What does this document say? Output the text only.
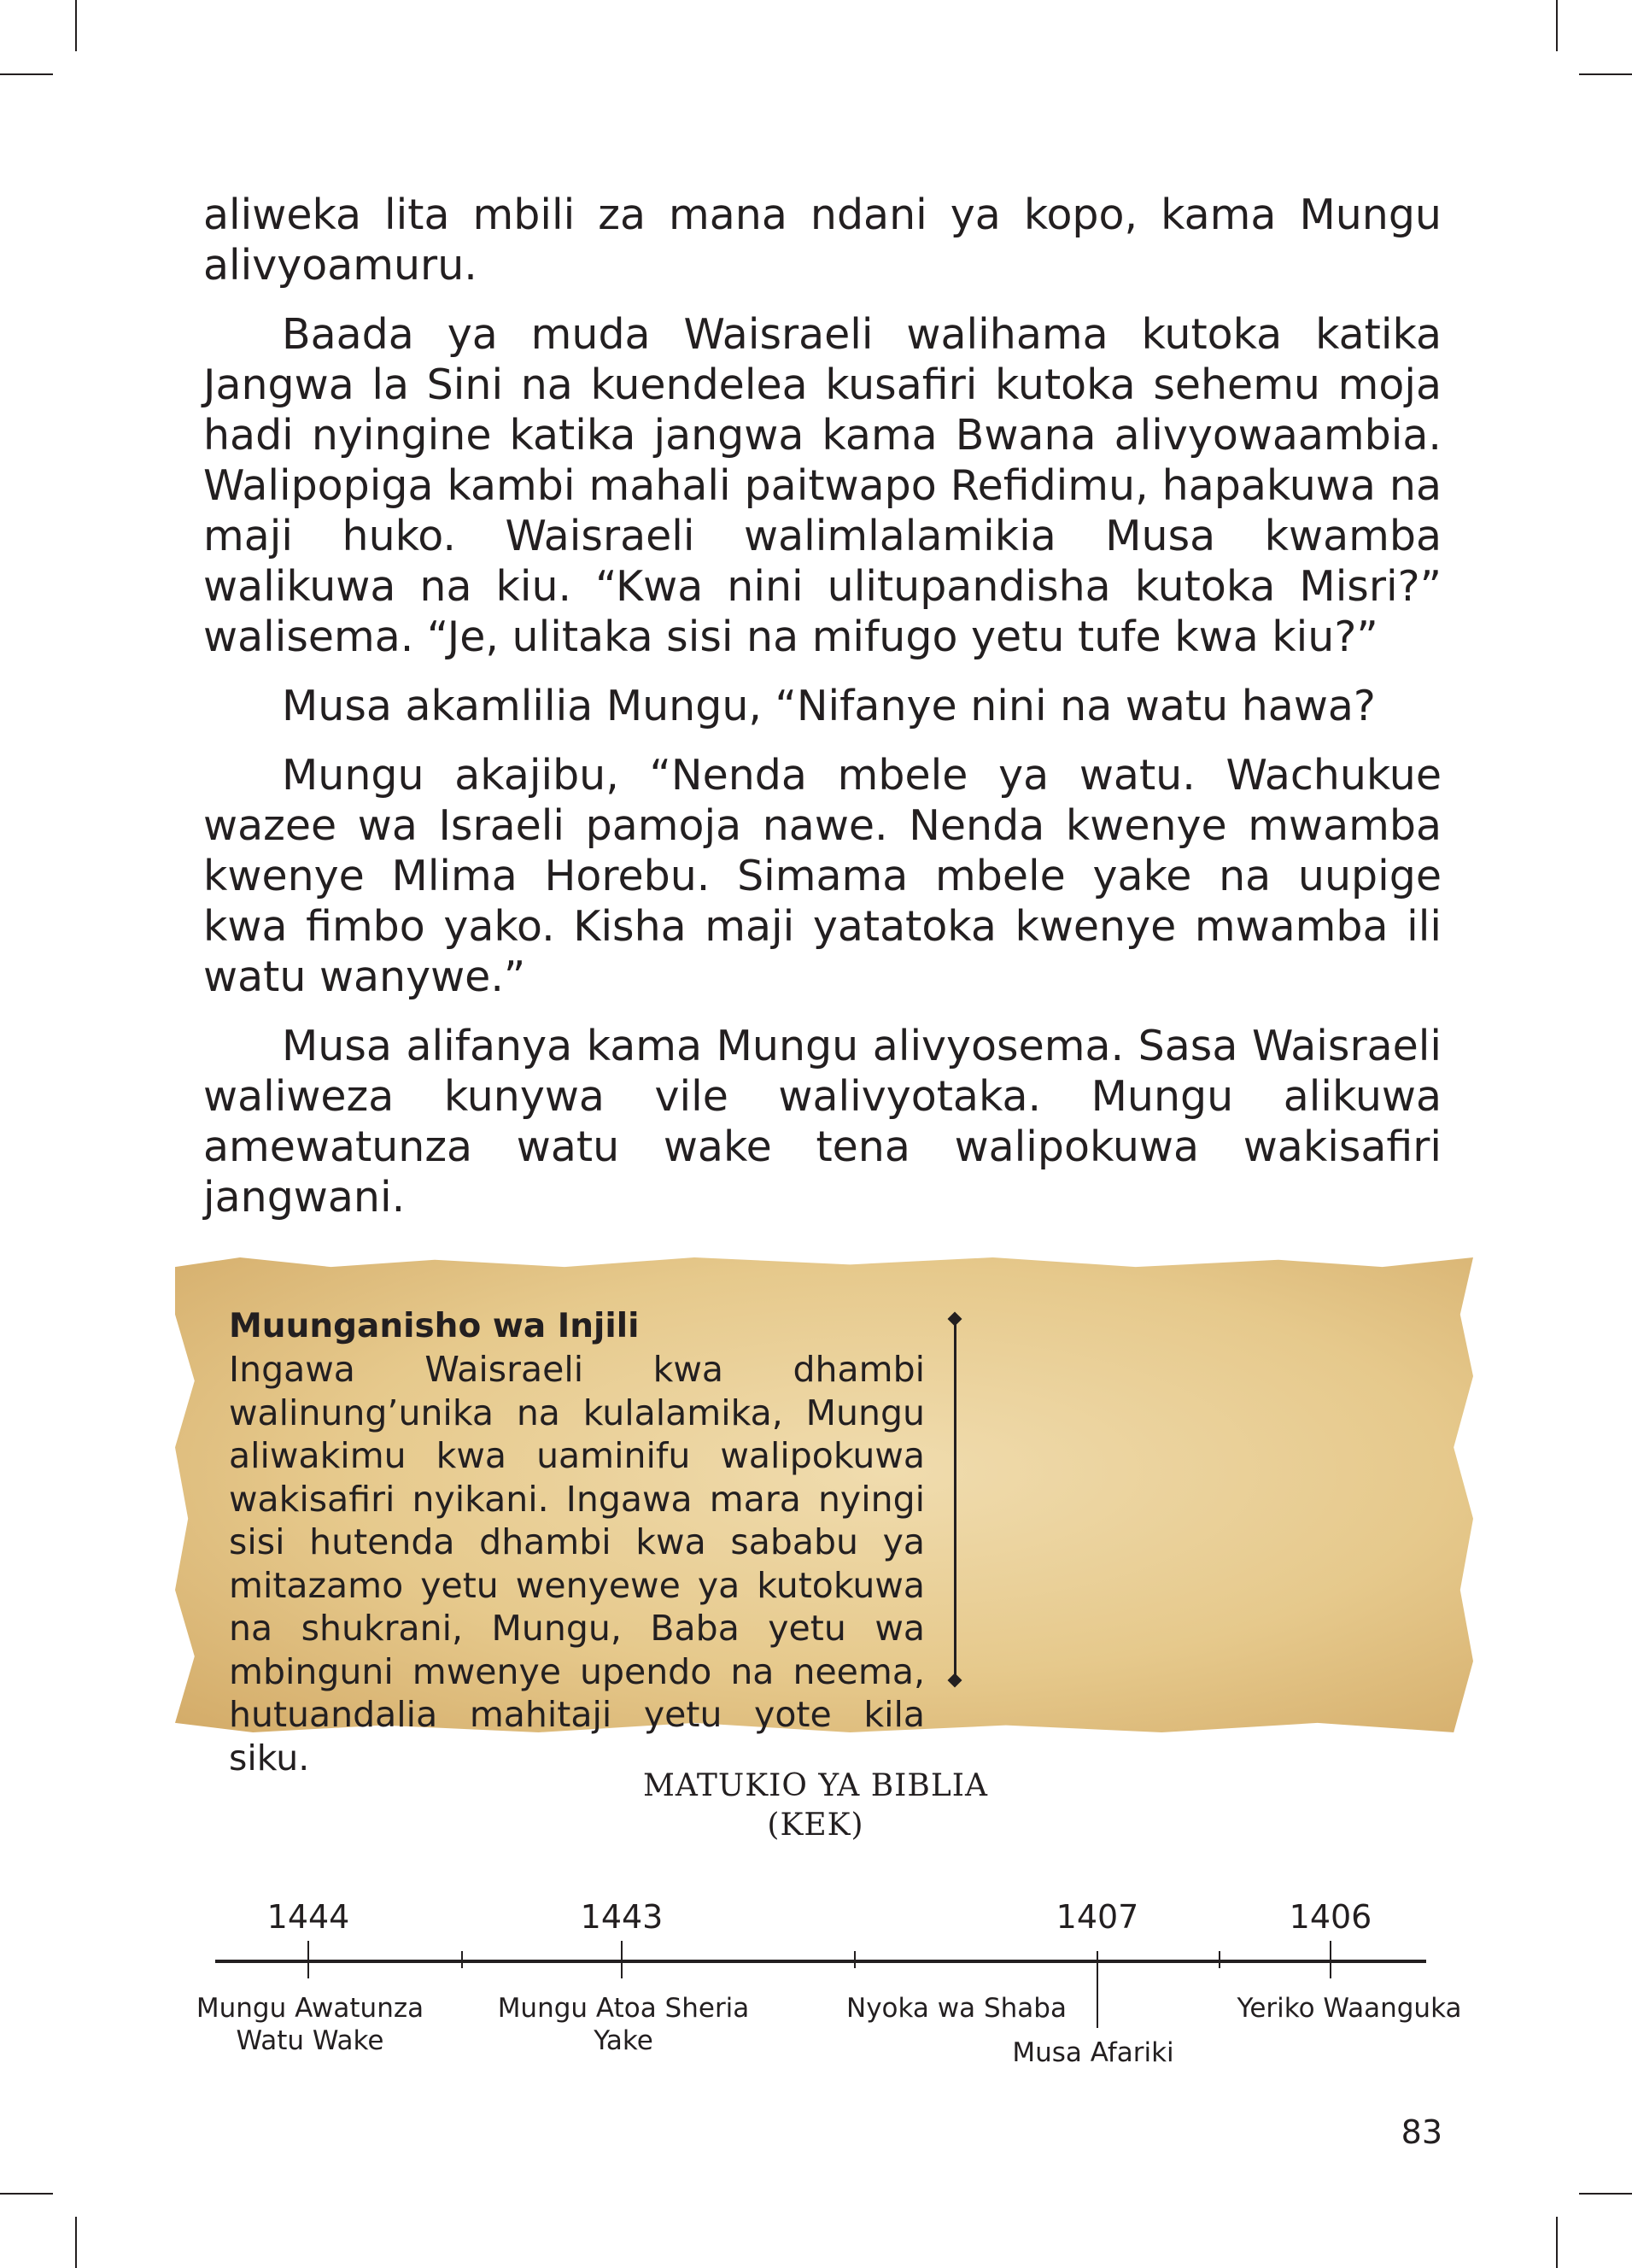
aliweka lita mbili za mana ndani ya kopo, kama Mungu alivyoamuru.

Baada ya muda Waisraeli walihama kutoka katika Jangwa la Sini na kuendelea kusafiri kutoka sehemu moja hadi nyingine katika jangwa kama Bwana alivyowaambia. Walipopiga kambi mahali paitwapo Refidimu, hapakuwa na maji huko. Waisraeli walimlalamikia Musa kwamba walikuwa na kiu. “Kwa nini ulitupandisha kutoka Misri?” walisema. “Je, ulitaka sisi na mifugo yetu tufe kwa kiu?”

Musa akamlilia Mungu, “Nifanye nini na watu hawa?

Mungu akajibu, “Nenda mbele ya watu. Wachukue wazee wa Israeli pamoja nawe. Nenda kwenye mwamba kwenye Mlima Horebu. Simama mbele yake na uupige kwa fimbo yako. Kisha maji yatatoka kwenye mwamba ili watu wanywe.”

Musa alifanya kama Mungu alivyosema. Sasa Waisraeli waliweza kunywa vile walivyotaka. Mungu alikuwa amewatunza watu wake tena walipokuwa wakisafiri jangwani.

Muunganisho wa Injili

Ingawa Waisraeli kwa dhambi walinung’unika na kulalamika, Mungu aliwakimu kwa uaminifu walipokuwa wakisafiri nyikani. Ingawa mara nyingi sisi hutenda dhambi kwa sababu ya mitazamo yetu wenyewe ya kutokuwa na shukrani, Mungu, Baba yetu wa mbinguni mwenye upendo na neema, hutuandalia mahitaji yetu yote kila siku.

MATUKIO YA BIBLIA
(KEK)
1444	1443	1407	1406
Mungu Awatunza Watu Wake
Mungu Atoa Sheria Yake
Nyoka wa Shaba
Musa Afariki
Yeriko Waanguka
83
